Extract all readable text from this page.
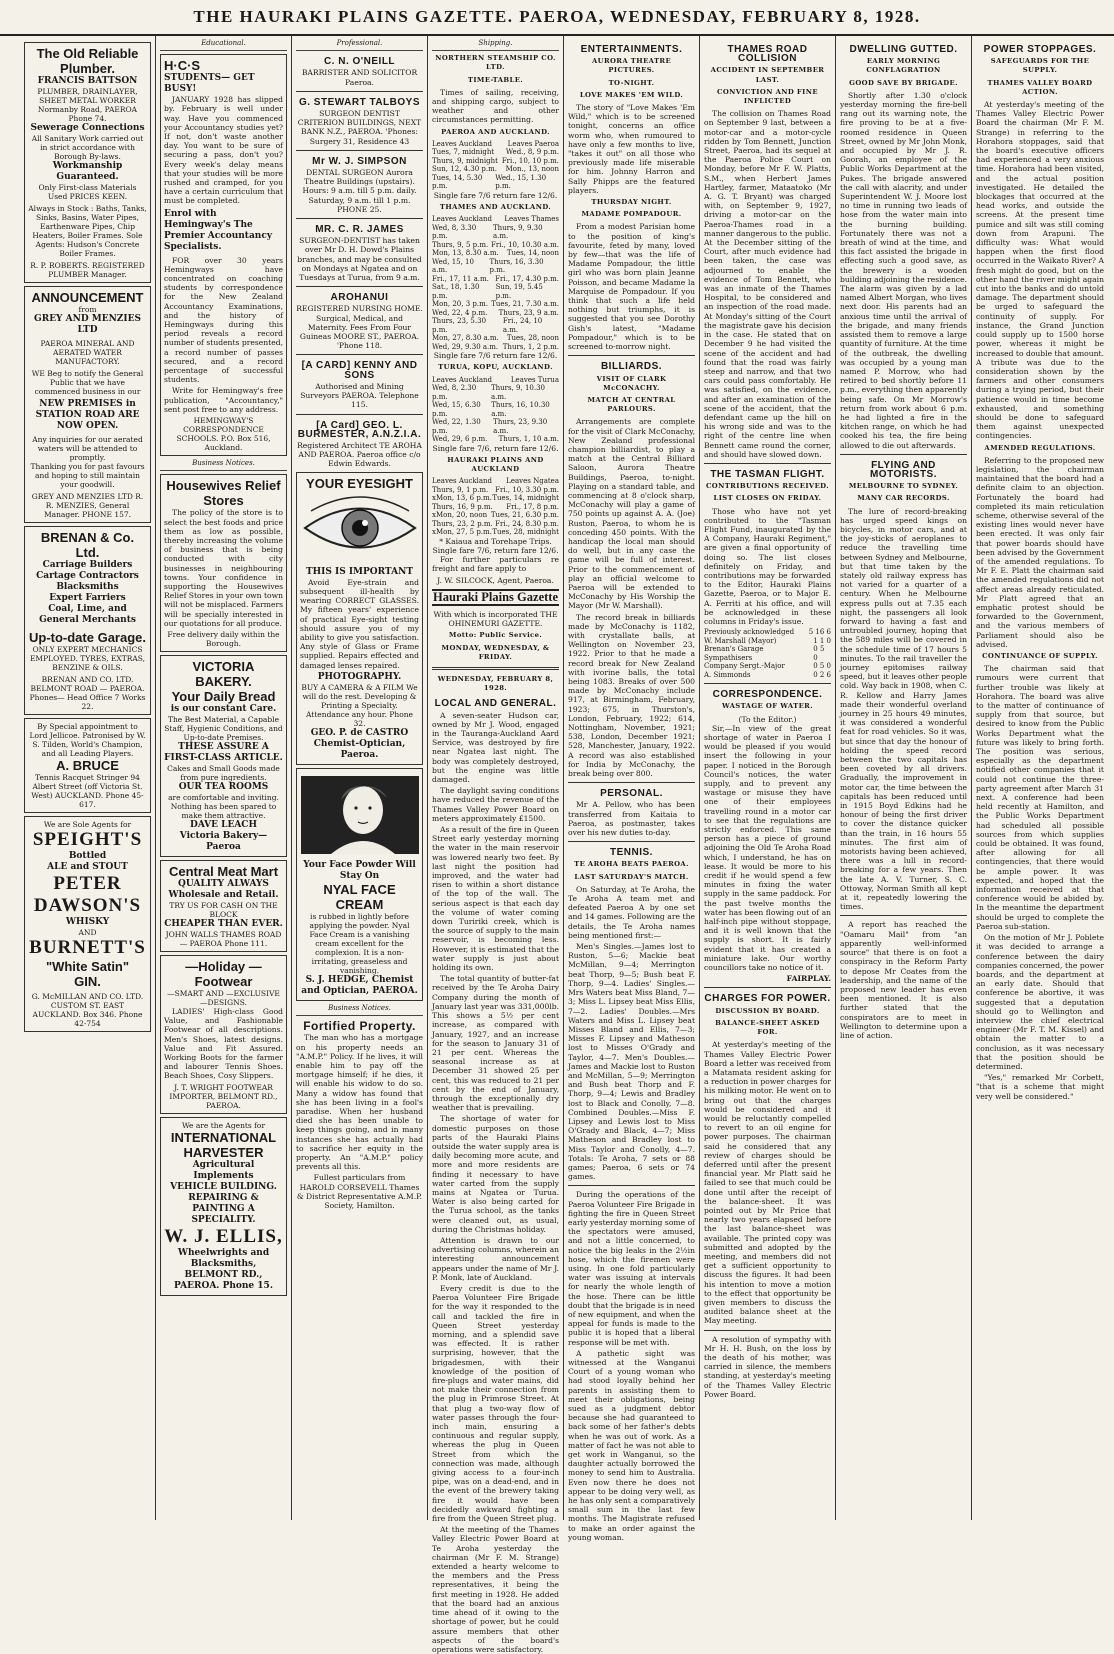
THE HAURAKI PLAINS GAZETTE. PAEROA, WEDNESDAY, FEBRUARY 8, 1928.
The Old Reliable Plumber.
FRANCIS BATTSON
PLUMBER, DRAINLAYER, SHEET METAL WORKER Normanby Road, PAEROA Phone 74.
Sewerage Connections
All Sanitary Work carried out in strict accordance with Borough By-laws.
Workmanship Guaranteed.
Only First-class Materials Used PRICES KEEN.
Always in Stock : Baths, Tanks, Sinks, Basins, Water Pipes, Earthenware Pipes, Chip Heaters, Boiler Frames. Sole Agents: Hudson's Concrete Boiler Frames.
R. P. ROBERTS. REGISTERED PLUMBER Manager.
ANNOUNCEMENT
from
GREY AND MENZIES LTD
PAEROA MINERAL AND AERATED WATER MANUFACTORY.
WE Beg to notify the General Public that we have commenced business in our
NEW PREMISES in STATION ROAD ARE NOW OPEN.
Any inquiries for our aerated waters will be attended to promptly.
Thanking you for past favours and hoping to still maintain your goodwill.
GREY AND MENZIES LTD R. R. MENZIES, General Manager. PHONE 157.
BRENAN & Co. Ltd.
Carriage Builders
Cartage Contractors
Blacksmiths
Expert Farriers
Coal, Lime, and
General Merchants
Up-to-date Garage.
ONLY EXPERT MECHANICS EMPLOYED. TYRES, EXTRAS, BENZINE & OILS.
BRENAN AND CO. LTD. BELMONT ROAD — PAEROA. Phones— Head Office 7 Works 22.
By Special appointment to Lord Jellicoe. Patronised by W. S. Tilden, World's Champion, and all Leading Players.
A. BRUCE
Tennis Racquet Stringer 94 Albert Street (off Victoria St. West) AUCKLAND. Phone 45-617.
We are Sole Agents for
SPEIGHT'S
Bottled
ALE and STOUT
PETER DAWSON'S
WHISKY
AND
BURNETT'S
"White Satin"
GIN.
G. McMILLAN AND CO. LTD. CUSTOM ST. EAST AUCKLAND. Box 346. Phone 42-754
Educational.
H·C·S
STUDENTS— GET BUSY!

JANUARY 1928 has slipped by. February is well under way. Have you commenced your Accountancy studies yet? If not, don't waste another day. You want to be sure of securing a pass, don't you? Every week's delay means that your studies will be more rushed and cramped, for you have a certain curriculum that must be completed.

Enrol with Hemingway's The Premier Accountancy Specialists.

FOR over 30 years Hemingways have concentrated on coaching students by correspondence for the New Zealand Accountancy Examinations, and the history of Hemingways during this period reveals a record number of students presented, a record number of passes secured, and a record percentage of successful students.

Write for Hemingway's free publication, "Accountancy," sent post free to any address.

HEMINGWAY'S CORRESPONDENCE SCHOOLS. P.O. Box 516, Auckland.
Business Notices.
Housewives Relief Stores

The policy of the store is to select the best foods and price them as low as possible, thereby increasing the volume of business that is being conducted with city businesses in neighbouring towns. Your confidence in supporting the Housewives Relief Stores in your own town will not be misplaced. Farmers will be specially interested in our quotations for all produce.

Free delivery daily within the Borough.
VICTORIA BAKERY.
Your Daily Bread
is our constant Care.
The Best Material, a Capable Staff, Hygienic Conditions, and Up-to-date Premises.
THESE ASSURE A FIRST-CLASS ARTICLE.
Cakes and Small Goods made from pure ingredients.
OUR TEA ROOMS
are comfortable and inviting. Nothing has been spared to make them attractive.
DAVE LEACH
Victoria Bakery—Paeroa
Central Meat Mart
QUALITY ALWAYS
Wholesale and Retail.
TRY US FOR CASH ON THE BLOCK
CHEAPER THAN EVER.
JOHN WALLS THAMES ROAD — PAEROA Phone 111.
—Holiday —Footwear
—SMART AND —EXCLUSIVE —DESIGNS.

LADIES' High-class Good Value, and Fashionable Footwear of all descriptions. Men's Shoes, latest designs. Value and Fit Assured. Working Boots for the farmer and labourer Tennis Shoes. Beach Shoes, Cosy Slippers.

J. T. WRIGHT FOOTWEAR IMPORTER, BELMONT RD., PAEROA.
We are the Agents for
INTERNATIONAL HARVESTER
Agricultural Implements
VEHICLE BUILDING. REPAIRING & PAINTING A SPECIALITY.
W. J. ELLIS,
Wheelwrights and Blacksmiths, BELMONT RD., PAEROA. Phone 15.
Professional.
C. N. O'NEILL
BARRISTER AND SOLICITOR Paeroa.
G. STEWART TALBOYS
SURGEON DENTIST CRITERION BUILDINGS, NEXT BANK N.Z., PAEROA. 'Phones: Surgery 31, Residence 43
Mr W. J. SIMPSON
DENTAL SURGEON Aurora Theatre Buildings (upstairs). Hours: 9 a.m. till 5 p.m. daily. Saturday, 9 a.m. till 1 p.m. PHONE 25.
MR. C. R. JAMES
SURGEON-DENTIST has taken over Mr D. H. Dowd's Plains branches, and may be consulted on Mondays at Ngatea and on Tuesdays at Turua, from 9 a.m.
AROHANUI
REGISTERED NURSING HOME. Surgical, Medical, and Maternity. Fees From Four Guineas MOORE ST., PAEROA. 'Phone 118.
[A CARD] KENNY AND SONS
Authorised and Mining Surveyors PAEROA. Telephone 115.
[A Card] GEO. L. BURMESTER, A.N.Z.I.A.
Registered Architect TE AROHA AND PAEROA. Paeroa office c/o Edwin Edwards.
YOUR EYESIGHT
THIS IS IMPORTANT

Avoid Eye-strain and subsequent ill-health by wearing CORRECT GLASSES. My fifteen years' experience of practical Eye-sight testing should assure you of my ability to give you satisfaction. Any style of Glass or Frame supplied. Repairs effected and damaged lenses repaired.

PHOTOGRAPHY.
BUY A CAMERA & A FILM We will do the rest. Developing & Printing a Specialty. Attendance any hour. Phone 32.
GEO. P. de CASTRO Chemist-Optician, Paeroa.
Your Face Powder Will Stay On
NYAL FACE CREAM
is rubbed in lightly before applying the powder. Nyal Face Cream is a vanishing cream excellent for the complexion. It is a non-irritating, greaseless and vanishing.
S. J. HEDGE, Chemist and Optician, PAEROA.
Business Notices.
Fortified Property.

The man who has a mortgage on his property needs an "A.M.P." Policy. If he lives, it will enable him to pay off the mortgage himself; if he dies, it will enable his widow to do so. Many a widow has found that she has been living in a fool's paradise. When her husband died she has been unable to keep things going, and in many instances she has actually had to sacrifice her equity in the property. An "A.M.P." policy prevents all this.

Fullest particulars from HAROLD CORSEVELL Thames & District Representative A.M.P. Society, Hamilton.
Shipping.
NORTHERN STEAMSHIP CO. LTD.
TIME-TABLE.

Times of sailing, receiving, and shipping cargo, subject to weather and other circumstances permitting.

PAEROA AND AUCKLAND.
Leaves Auckland Leaves Paeroa
Tues, 7, midnight Wed., 8, 9 p.m.
Thurs, 9, midnight Fri., 10, 10 p.m.
Sun, 12, 4.30 p.m. Mon., 13, noon
Tues, 14, 5.30 p.m.
Wed., 15, 1.30 p.m.
Single fare 7/6 return fare 12/6.
THAMES AND AUCKLAND.
Leaves Auckland Leaves Thames
Wed, 8, 3.30 p.m.
Thurs, 9, 9.30 a.m.
Thurs, 9, 5 p.m. Fri., 10, 10.30 a.m.
Mon, 13, 8.30 a.m. Tues, 14, noon
Wed, 15, 10 a.m.
Thurs, 16, 3.30 p.m.
Fri., 17, 11 a.m. Fri., 17, 4.30 p.m.
Sat., 18, 1.30 p.m.
Sun, 19, 5.45 p.m.
Mon, 20, 3 p.m. Tues, 21, 7.30 a.m.
Wed, 22, 4 p.m. Thurs, 23, 9 a.m.
Thurs, 23, 5.30 p.m.
Fri., 24, 10 a.m.
Mon, 27, 8.30 a.m. Tues, 28, noon
Wed, 29, 9.30 a.m. Thurs, 1, 2 p.m.
Single fare 7/6 return fare 12/6.
TURUA, KOPU, AUCKLAND.
Leaves Auckland	Leaves Turua
Wed, 8, 2.30 p.m.
Thurs, 9, 10.30 a.m.
Wed, 15, 6.30 p.m.
Thurs, 16, 10.30 a.m.
Wed, 22, 1.30 p.m.
Thurs, 23, 9.30 a.m.
Wed, 29, 6 p.m. Thurs, 1, 10 a.m.
Single fare 7/6, return fare 12/6.
HAURAKI PLAINS AND AUCKLAND
Leaves Auckland Leaves Ngatea
Thurs, 9, 1 p.m. Fri., 10, 3.30 p.m.
xMon, 13, 6 p.m. Tues, 14, midnight
Thurs, 16, 9 p.m. Fri., 17, 8 p.m.
xMon, 20, noon Tues, 21, 6.30 p.m.
Thurs, 23, 2 p.m. Fri., 24, 8.30 p.m.
xMon, 27, 5 p.m. Tues, 28, midnight
* Kaiaua and Torehape Trips. Single fare 7/6, return fare 12/6.

For further particulars re freight and fare apply to

J. W. SILCOCK, Agent, Paeroa.
Hauraki Plains Gazette
With which is incorporated THE OHINEMURI GAZETTE.
Motto: Public Service.
MONDAY, WEDNESDAY, & FRIDAY.
WEDNESDAY, FEBRUARY 8, 1928.
LOCAL AND GENERAL.

A seven-seater Hudson car, owned by Mr J. Wood, engaged in the Tauranga-Auckland Aard Service, was destroyed by fire near Ngatea last night. The body was completely destroyed, but the engine was little damaged.

The daylight saving conditions have reduced the revenue of the Thames Valley Power Board on meters approximately £1500.

As a result of the fire in Queen Street early yesterday morning the water in the main reservoir was lowered nearly two feet. By last night the position had improved, and the water had risen to within a short distance of the top of the wall. The serious aspect is that each day the volume of water coming down Tuririki creek, which is the source of supply to the main reservoir, is becoming less. However, it is estimated that the water supply is just about holding its own.

The total quantity of butter-fat received by the Te Aroha Dairy Company during the month of January last year was 331,000lb. This shows a 5½ per cent increase, as compared with January, 1927, and an increase for the season to January 31 of 21 per cent. Whereas the seasonal increase as at December 31 showed 25 per cent, this was reduced to 21 per cent by the end of January, through the exceptionally dry weather that is prevailing.

The shortage of water for domestic purposes on those parts of the Hauraki Plains outside the water supply area is daily becoming more acute, and more and more residents are finding it necessary to have water carted from the supply mains at Ngatea or Turua. Water is also being carted for the Turua school, as the tanks were cleaned out, as usual, during the Christmas holiday.

Attention is drawn to our advertising columns, wherein an interesting announcement appears under the name of Mr J. P. Monk, late of Auckland.

Every credit is due to the Paeroa Volunteer Fire Brigade for the way it responded to the call and tackled the fire in Queen Street yesterday morning, and a splendid save was effected. It is rather surprising, however, that the brigadesmen, with their knowledge of the position of fire-plugs and water mains, did not make their connection from the plug in Primrose Street. At that plug a two-way flow of water passes through the four-inch main, ensuring a continuous and regular supply, whereas the plug in Queen Street from which the connection was made, although giving access to a four-inch pipe, was on a dead-end, and in the event of the brewery taking fire it would have been decidedly awkward fighting a fire from the Queen Street plug.

At the meeting of the Thames Valley Electric Power Board at Te Aroha yesterday the chairman (Mr F. M. Strange) extended a hearty welcome to the members and the Press representatives, it being the first meeting in 1928. He added that the board had an anxious time ahead of it owing to the shortage of power, but he could assure members that other aspects of the board's operations were satisfactory.

ENTERTAINMENTS.
AURORA THEATRE PICTURES.
TO-NIGHT.
LOVE MAKES 'EM WILD.

The story of "Love Makes 'Em Wild," which is to be screened tonight, concerns an office worm who, when rumoured to have only a few months to live, "takes it out" on all those who previously made life miserable for him. Johnny Harron and Sally Phipps are the featured players.

THURSDAY NIGHT.
MADAME POMPADOUR.

From a modest Parisian home to the position of king's favourite, feted by many, loved by few—that was the life of Madame Pompadour, the little girl who was born plain Jeanne Poisson, and became Madame la Marquise de Pompadour. If you think that such a life held nothing but triumphs, it is suggested that you see Dorothy Gish's latest, "Madame Pompadour," which is to be screened to-morrow night.

BILLIARDS.
VISIT OF CLARK McCONACHY.
MATCH AT CENTRAL PARLOURS.

Arrangements are complete for the visit of Clark McConachy, New Zealand professional champion billiardist, to play a match at the Central Billiard Saloon, Aurora Theatre Buildings, Paeroa, to-night. Playing on a standard table, and commencing at 8 o'clock sharp, McConachy will play a game of 750 points up against A. A. (Joe) Ruston, Paeroa, to whom he is conceding 450 points. With the handicap the local man should do well, but in any case the game will be full of interest. Prior to the commencement of play an official welcome to Paeroa will be extended to McConachy by His Worship the Mayor (Mr W. Marshall).

The record break in billiards made by McConachy is 1182, with crystallate balls, at Wellington on November 23, 1922. Prior to that he made a record break for New Zealand with ivorine balls, the total being 1083. Breaks of over 500 made by McConachy include 917, at Birmingham, February, 1923; 675, in Thurston's, London, February, 1922; 614, Nottingham, November, 1921; 538, London, December 1921; 528, Manchester, January, 1922. A record was also established for India by McConachy, the break being over 800.

PERSONAL.

Mr A. Pellow, who has been transferred from Kaitaia to Paeroa, as postmaster, takes over his new duties to-day.

TENNIS.
TE AROHA BEATS PAEROA.
LAST SATURDAY'S MATCH.

On Saturday, at Te Aroha, the Te Aroha A team met and defeated Paeroa A by one set and 14 games. Following are the details, the Te Aroha names being mentioned first:—

Men's Singles.—James lost to Ruston, 5—6; Mackie beat McMillan, 9—4; Merrington beat Thorp, 9—5; Bush beat F. Thorp, 9—4. Ladies' Singles.—Mrs Waters beat Miss Bland, 7—3; Miss L. Lipsey beat Miss Ellis, 7—2. Ladies' Doubles.—Mrs Waters and Miss L. Lipsey beat Misses Bland and Ellis, 7—3; Misses F. Lipsey and Matheson lost to Misses O'Grady and Taylor, 4—7. Men's Doubles.—James and Mackie lost to Ruston and McMillan, 5—9; Merrington and Bush beat Thorp and F. Thorp, 9—4; Lewis and Bradley lost to Black and Conolly, 7—8. Combined Doubles.—Miss F. Lipsey and Lewis lost to Miss O'Grady and Black, 4—7; Miss Matheson and Bradley lost to Miss Taylor and Conolly, 4—7. Totals: Te Aroha, 7 sets or 88 games; Paeroa, 6 sets or 74 games.

During the operations of the Paeroa Volunteer Fire Brigade in fighting the fire in Queen Street early yesterday morning some of the spectators were amused, and not a little concerned, to notice the big leaks in the 2½in hose, which the firemen were using. In one fold particularly water was issuing at intervals for nearly the whole length of the hose. There can be little doubt that the brigade is in need of new equipment, and when the appeal for funds is made to the public it is hoped that a liberal response will be met with.

A pathetic sight was witnessed at the Wanganui Court of a young woman who had stood loyally behind her parents in assisting them to meet their obligations, being sued as a judgment debtor because she had guaranteed to back some of her father's debts when he was out of work. As a matter of fact he was not able to get work in Wanganui, so the daughter actually borrowed the money to send him to Australia. Even now there he does not appear to be doing very well, as he has only sent a comparatively small sum in the last few months. The Magistrate refused to make an order against the young woman.

THAMES ROAD COLLISION
ACCIDENT IN SEPTEMBER LAST.
CONVICTION AND FINE INFLICTED

The collision on Thames Road on September 9 last, between a motor-car and a motor-cycle ridden by Tom Bennett, Junction Street, Paeroa, had its sequel at the Paeroa Police Court on Monday, before Mr F. W. Platts, S.M., when Herbert James Hartley, farmer, Mataatoko (Mr A. G. T. Bryant) was charged with, on September 9, 1927, driving a motor-car on the Paeroa-Thames road in a manner dangerous to the public. At the December sitting of the Court, after much evidence had been taken, the case was adjourned to enable the evidence of Tom Bennett, who was an inmate of the Thames Hospital, to be considered and an inspection of the road made. At Monday's sitting of the Court the magistrate gave his decision in the case. He stated that on December 9 he had visited the scene of the accident and had found that the road was fairly steep and narrow, and that two cars could pass comfortably. He was satisfied, on the evidence, and after an examination of the scene of the accident, that the defendant came up the hill on his wrong side and was to the right of the centre line when Bennett came round the corner, and should have slowed down.

THE TASMAN FLIGHT.
CONTRIBUTIONS RECEIVED.
LIST CLOSES ON FRIDAY.

Those who have not yet contributed to the "Tasman Flight Fund, inaugurated by the A Company, Hauraki Regiment," are given a final opportunity of doing so. The list closes definitely on Friday, and contributions may be forwarded to the Editor, Hauraki Plains Gazette, Paeroa, or to Major E. A. Ferriti at his office, and will be acknowledged in these columns in Friday's issue.

Previously acknowledged 5 16 6
W. Marshall (Mayor)	1 1 0
Brenan's Garage Sympathisers
0 5 0
Company Sergt.-Major	0 5 0
A. Simmonds	0 2 6
CORRESPONDENCE.
WASTAGE OF WATER.
(To the Editor.)

Sir,—In view of the great shortage of water in Paeroa I would be pleased if you would insert the following in your paper. I noticed in the Borough Council's notices, the water supply, and to prevent any wastage or misuse they have one of their employees travelling round in a motor car to see that the regulations are strictly enforced. This same person has a piece of ground adjoining the Old Te Aroha Road which, I understand, he has on lease. It would be more to his credit if he would spend a few minutes in fixing the water supply in the same paddock. For the past twelve months the water has been flowing out of an half-inch pipe without stoppage, and it is well known that the supply is short. It is fairly evident that it has created a miniature lake. Our worthy councillors take no notice of it.

FAIRPLAY.
CHARGES FOR POWER.
DISCUSSION BY BOARD.
BALANCE-SHEET ASKED FOR.

At yesterday's meeting of the Thames Valley Electric Power Board a letter was received from a Matamata resident asking for a reduction in power charges for his milking motor. He went on to bring out that the charges would be considered and it would be reluctantly compelled to revert to an oil engine for power purposes. The chairman said he considered that any review of charges should be deferred until after the present financial year. Mr Platt said he failed to see that much could be done until after the receipt of the balance-sheet. It was pointed out by Mr Price that nearly two years elapsed before the last balance-sheet was available. The printed copy was submitted and adopted by the meeting, and members did not get a sufficient opportunity to discuss the figures. It had been his intention to move a motion to the effect that opportunity be given members to discuss the audited balance sheet at the May meeting.

A resolution of sympathy with Mr H. H. Bush, on the loss by the death of his mother, was carried in silence, the members standing, at yesterday's meeting of the Thames Valley Electric Power Board.

DWELLING GUTTED.
EARLY MORNING CONFLAGRATION
GOOD SAVE BY BRIGADE.

Shortly after 1.30 o'clock yesterday morning the fire-bell rang out its warning note, the fire proving to be at a five-roomed residence in Queen Street, owned by Mr John Monk, and occupied by Mr J. R. Goorah, an employee of the Public Works Department at the Pukes. The brigade answered the call with alacrity, and under Superintendent W. J. Moore lost no time in running two leads of hose from the water main into the burning building. Fortunately there was not a breath of wind at the time, and this fact assisted the brigade in effecting such a good save, as the brewery is a wooden building adjoining the residence. The alarm was given by a lad named Albert Morgan, who lives next door. His parents had an anxious time until the arrival of the brigade, and many friends assisted them to remove a large quantity of furniture. At the time of the outbreak, the dwelling was occupied by a young man named P. Morrow, who had retired to bed shortly before 11 p.m., everything then apparently being safe. On Mr Morrow's return from work about 6 p.m. he had lighted a fire in the kitchen range, on which he had cooked his tea, the fire being allowed to die out afterwards.

FLYING AND MOTORISTS.
MELBOURNE TO SYDNEY.
MANY CAR RECORDS.

The lure of record-breaking has urged speed kings on bicycles, in motor cars, and at the joy-sticks of aeroplanes to reduce the travelling time between Sydney and Melbourne, but that time taken by the stately old railway express has not varied for a quarter of a century. When he Melbourne express pulls out at 7.35 each night, the passengers all look forward to having a fast and untroubled journey, hoping that the 589 miles will be covered in the schedule time of 17 hours 5 minutes. To the rail traveller the journey epitomises railway speed, but it leaves other people cold. Way back in 1908, when C. R. Kellow and Harry James made their wonderful overland journey in 25 hours 49 minutes, it was considered a wonderful feat for road vehicles. So it was, but since that day the honour of holding the speed record between the two capitals has been coveted by all drivers. Gradually, the improvement in motor car, the time between the capitals has been reduced until in 1915 Boyd Edkins had he honour of being the first driver to cover the distance quicker than the train, in 16 hours 55 minutes. The first aim of motorists having been achieved, there was a lull in record-breaking for a few years. Then the late A. V. Turner, S. C. Ottoway, Norman Smith all kept at it, repeatedly lowering the times.

A report has reached the "Oamaru Mail" from "an apparently well-informed source" that there is on foot a conspiracy in the Reform Party to depose Mr Coates from the leadership, and the name of the proposed new leader has even been mentioned. It is also further stated that the conspirators are to meet in Wellington to determine upon a line of action.

POWER STOPPAGES.
SAFEGUARDS FOR THE SUPPLY.
THAMES VALLEY BOARD ACTION.

At yesterday's meeting of the Thames Valley Electric Power Board the chairman (Mr F. M. Strange) in referring to the Horahora stoppages, said that the board's executive officers had experienced a very anxious time. Horahora had been visited, and the actual position investigated. He detailed the blockages that occurred at the head works, and outside the screens. At the present time pumice and silt was still coming down from Arapuni. The difficulty was: What would happen when the first flood occurred in the Waikato River? A fresh might do good, but on the other hand the river might again cut into the banks and do untold damage. The department should be urged to safeguard the continuity of supply. For instance, the Grand Junction could supply up to 1500 horse power, whereas it might be increased to double that amount. A tribute was due to the consideration shown by the farmers and other consumers during a trying period, but their patience would in time become exhausted, and something should be done to safeguard them against unexpected contingencies.

AMENDED REGULATIONS.

Referring to the proposed new legislation, the chairman maintained that the board had a definite claim to an objection. Fortunately the board had completed its main reticulation scheme, otherwise several of the existing lines would never have been erected. It was only fair that power boards should have been advised by the Government of the amended regulations. To Mr F. E. Platt the chairman said the amended regulations did not affect areas already reticulated. Mr Platt agreed that an emphatic protest should be forwarded to the Government, and the various members of Parliament should also be advised.

CONTINUANCE OF SUPPLY.

The chairman said that rumours were current that further trouble was likely at Horahora. The board was alive to the matter of continuance of supply from that source, but desired to know from the Public Works Department what the future was likely to bring forth. The position was serious, especially as the department notified other companies that it could not continue the three-party agreement after March 31 next. A conference had been held recently at Hamilton, and the Public Works Department had scheduled all possible sources from which supplies could be obtained. It was found, after allowing for all contingencies, that there would be ample power. It was expected, and hoped that the information received at that conference would be abided by. In the meantime the department should be urged to complete the Paeroa sub-station.

On the motion of Mr J. Poblete it was decided to arrange a conference between the dairy companies concerned, the power boards, and the department at an early date. Should that conference be abortive, it was suggested that a deputation should go to Wellington and interview the chief electrical engineer (Mr F. T. M. Kissel) and obtain the matter to a conclusion, as it was necessary that the position should be determined.

"Yes," remarked Mr Corbett, "that is a scheme that might very well be considered."
